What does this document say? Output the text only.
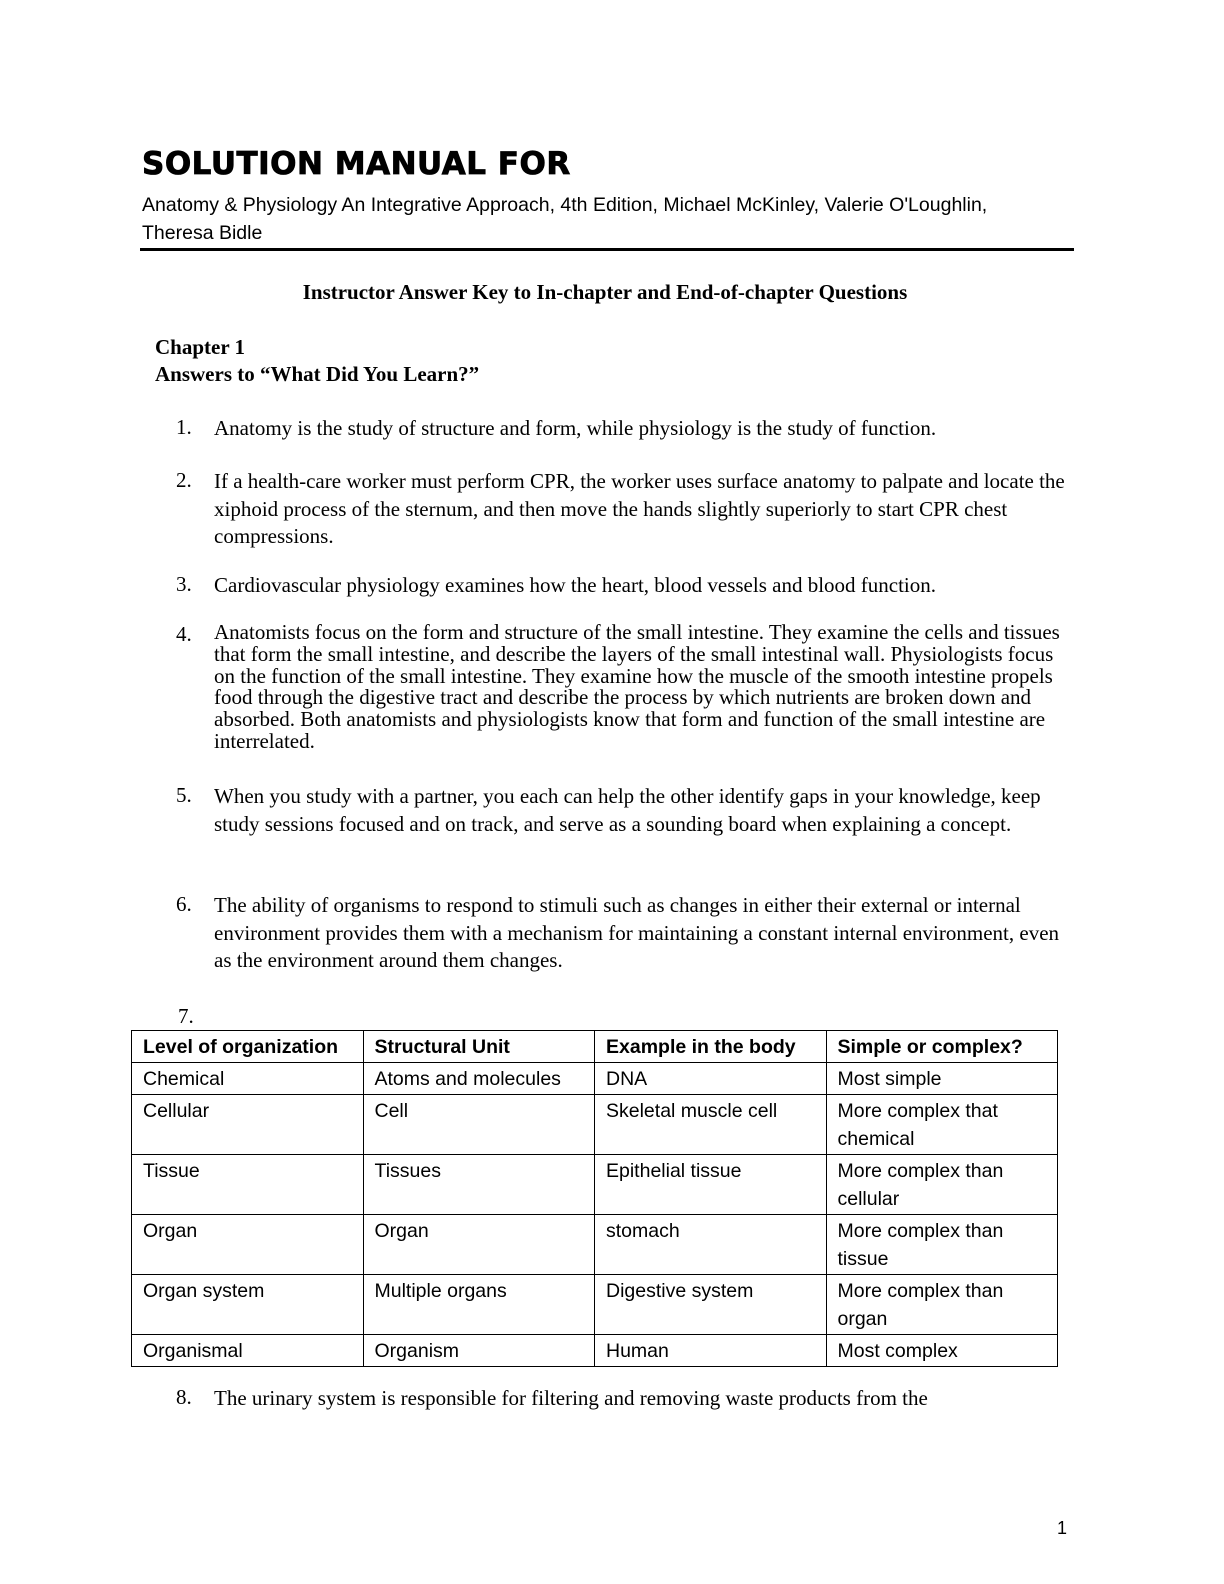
SOLUTION MANUAL FOR
Anatomy & Physiology An Integrative Approach, 4th Edition, Michael McKinley, Valerie O'Loughlin, Theresa Bidle
Instructor Answer Key to In-chapter and End-of-chapter Questions
Chapter 1
Answers to “What Did You Learn?”
1.	Anatomy is the study of structure and form, while physiology is the study of function.
2.	If a health-care worker must perform CPR, the worker uses surface anatomy to palpate and locate the xiphoid process of the sternum, and then move the hands slightly superiorly to start CPR chest compressions.
3.	Cardiovascular physiology examines how the heart, blood vessels and blood function.
4.	Anatomists focus on the form and structure of the small intestine. They examine the cells and tissues that form the small intestine, and describe the layers of the small intestinal wall. Physiologists focus on the function of the small intestine. They examine how the muscle of the smooth intestine propels food through the digestive tract and describe the process by which nutrients are broken down and absorbed. Both anatomists and physiologists know that form and function of the small intestine are interrelated.
5.	When you study with a partner, you each can help the other identify gaps in your knowledge, keep study sessions focused and on track, and serve as a sounding board when explaining a concept.
6.	The ability of organisms to respond to stimuli such as changes in either their external or internal environment provides them with a mechanism for maintaining a constant internal environment, even as the environment around them changes.
7.
Level of organization	Structural Unit	Example in the body	Simple or complex?
Chemical	Atoms and molecules	DNA	Most simple
Cellular	Cell	Skeletal muscle cell	More complex that chemical
Tissue	Tissues	Epithelial tissue	More complex than cellular
Organ	Organ	stomach	More complex than tissue
Organ system	Multiple organs	Digestive system	More complex than organ
Organismal	Organism	Human	Most complex
8.	The urinary system is responsible for filtering and removing waste products from the
1
